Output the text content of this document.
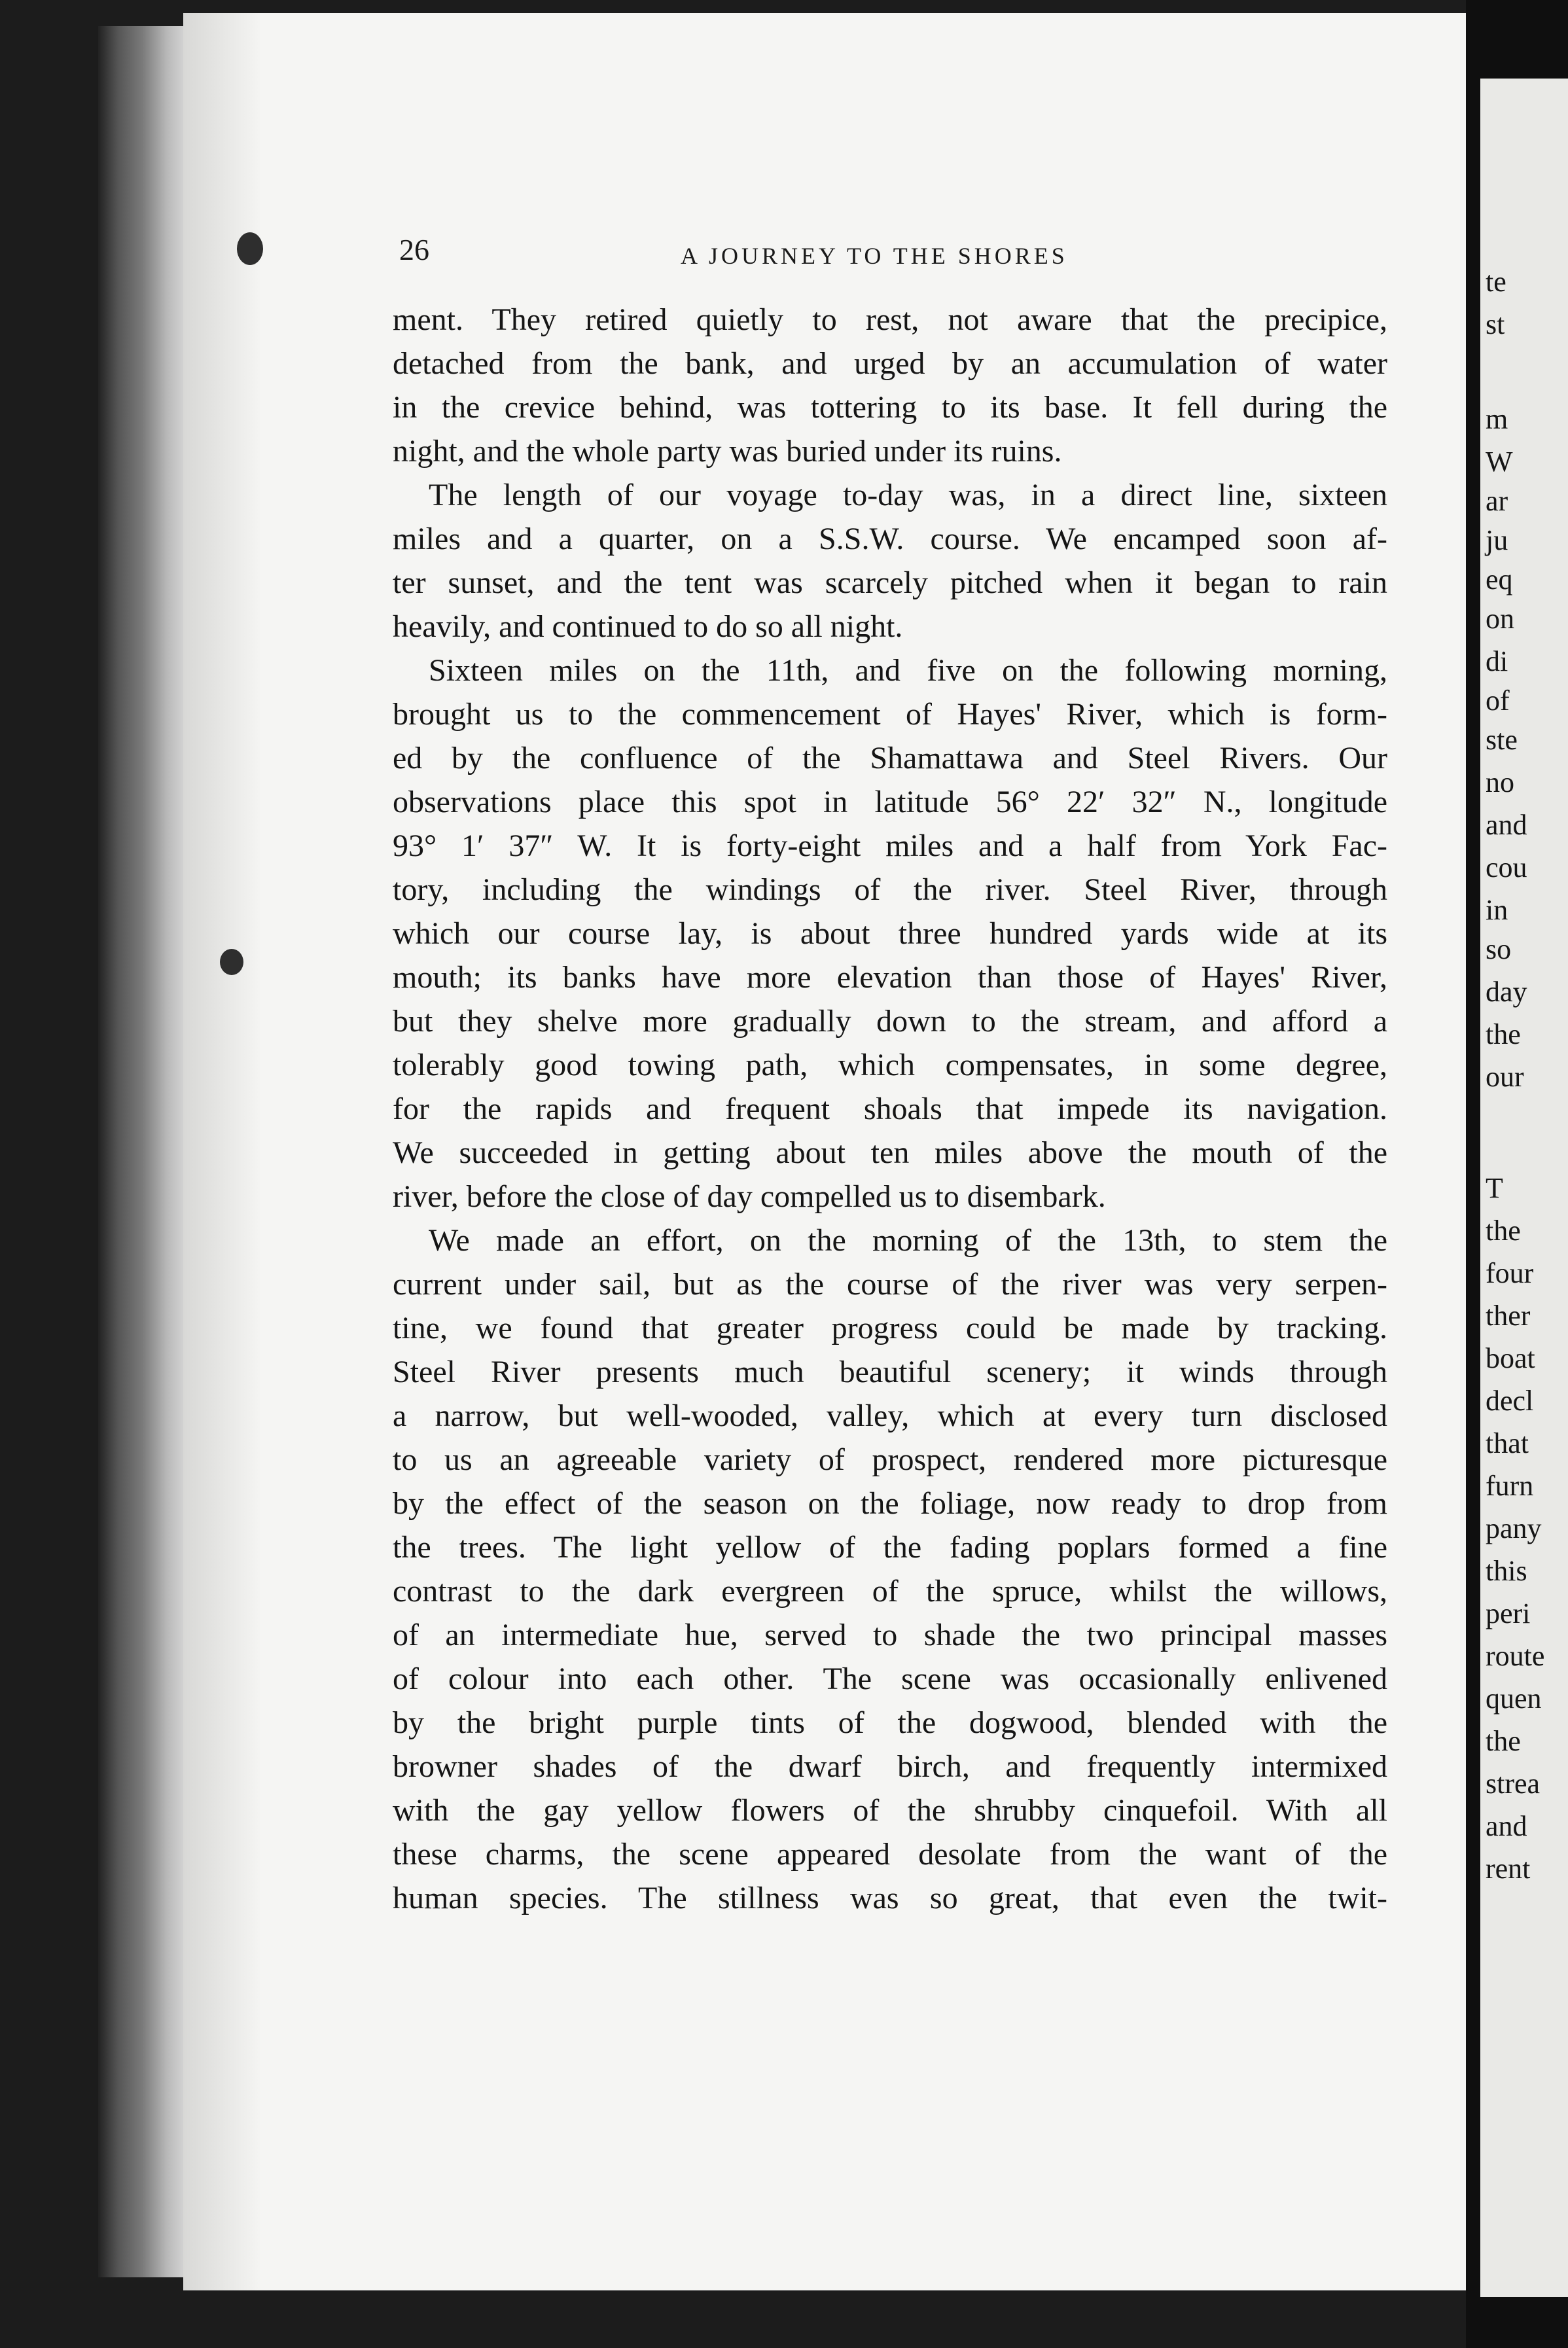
26	A JOURNEY TO THE SHORES
ment. They retired quietly to rest, not aware that the precipice,
detached from the bank, and urged by an accumulation of water
in the crevice behind, was tottering to its base. It fell during the
night, and the whole party was buried under its ruins.
The length of our voyage to-day was, in a direct line, sixteen
miles and a quarter, on a S.S.W. course. We encamped soon af-
ter sunset, and the tent was scarcely pitched when it began to rain
heavily, and continued to do so all night.
Sixteen miles on the 11th, and five on the following morning,
brought us to the commencement of Hayes' River, which is form-
ed by the confluence of the Shamattawa and Steel Rivers. Our
observations place this spot in latitude 56° 22′ 32″ N., longitude
93° 1′ 37″ W. It is forty-eight miles and a half from York Fac-
tory, including the windings of the river. Steel River, through
which our course lay, is about three hundred yards wide at its
mouth; its banks have more elevation than those of Hayes' River,
but they shelve more gradually down to the stream, and afford a
tolerably good towing path, which compensates, in some degree,
for the rapids and frequent shoals that impede its navigation.
We succeeded in getting about ten miles above the mouth of the
river, before the close of day compelled us to disembark.
We made an effort, on the morning of the 13th, to stem the
current under sail, but as the course of the river was very serpen-
tine, we found that greater progress could be made by tracking.
Steel River presents much beautiful scenery; it winds through
a narrow, but well-wooded, valley, which at every turn disclosed
to us an agreeable variety of prospect, rendered more picturesque
by the effect of the season on the foliage, now ready to drop from
the trees. The light yellow of the fading poplars formed a fine
contrast to the dark evergreen of the spruce, whilst the willows,
of an intermediate hue, served to shade the two principal masses
of colour into each other. The scene was occasionally enlivened
by the bright purple tints of the dogwood, blended with the
browner shades of the dwarf birch, and frequently intermixed
with the gay yellow flowers of the shrubby cinquefoil. With all
these charms, the scene appeared desolate from the want of the
human species. The stillness was so great, that even the twit-
te
st
m
W
ar
ju
eq
on
di
of
ste
no
and
cou
in
so
day
the
our
T
the
four
ther
boat
decl
that
furn
pany
this
peri
route
quen
the
strea
and
rent
